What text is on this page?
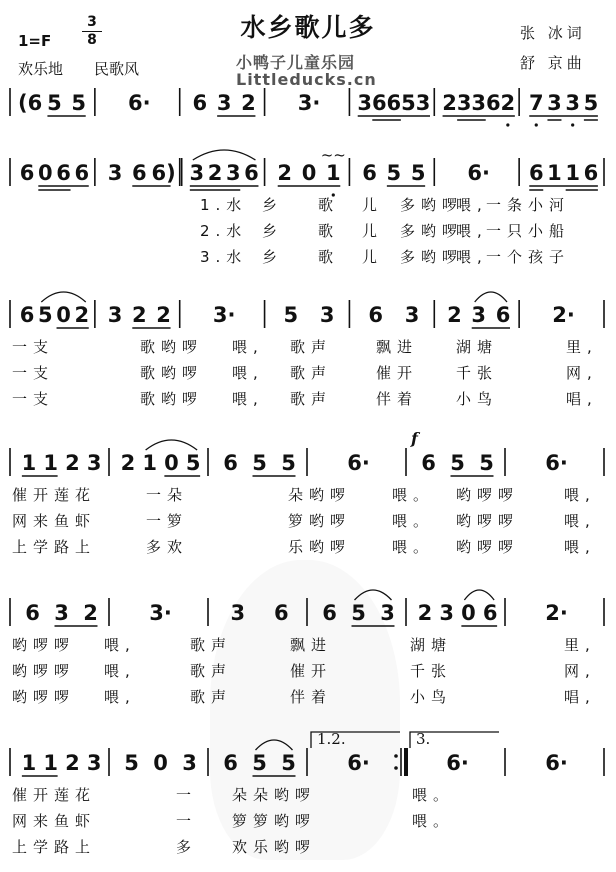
水乡歌儿多
1=F
3
8
欢乐地 民歌风	小鸭子儿童乐园
Littleducks.cn
张 冰词
舒 京曲
(6 5 5 6· 6 3 2 3· 3 6 6 5 3 2 3 3 6 2 7 3 3 5
6 0 6 6 3 6 6) 3 2 3 6 2 0 1
~~
6 5 5 6· 6 1 1 6
1.水 乡 歌 儿 多哟啰
喂,
一条小河
2.水 乡 歌 儿 多哟啰
喂,
一只小船
3.水 乡 歌 儿 多哟啰
喂,
一个孩子
6 5 0 2 3 2 2 3· 5 3 6 3 2 3 6 2·
一支	歌哟啰 喂, 歌声	飘进	湖塘	里,
一支	歌哟啰 喂, 歌声	催开	千张	网,
一支	歌哟啰 喂, 歌声	伴着	小鸟	唱,
1 1 2 3 2 1 0 5 6 5 5 6· 6 5 5
f
6·
催开莲花	一朵	朵哟啰	喂。 哟啰啰	喂,
网来鱼虾	一箩	箩哟啰	喂。 哟啰啰	喂,
上学路上	多欢	乐哟啰	喂。 哟啰啰	喂,
6 3 2 3·	3 6 6 5 3 2 3 0 6 2·
哟啰啰 喂,	歌声	飘进	湖塘	里,
哟啰啰 喂,	歌声	催开	千张	网,
哟啰啰 喂,	歌声	伴着	小鸟	唱,
1 1 2 3 5 0 3 6 5 5 6·
1.2.
6·
3.
6·
催开莲花	一 朵朵哟啰	喂。
网来鱼虾	一 箩箩哟啰	喂。
上学路上	多 欢乐哟啰
